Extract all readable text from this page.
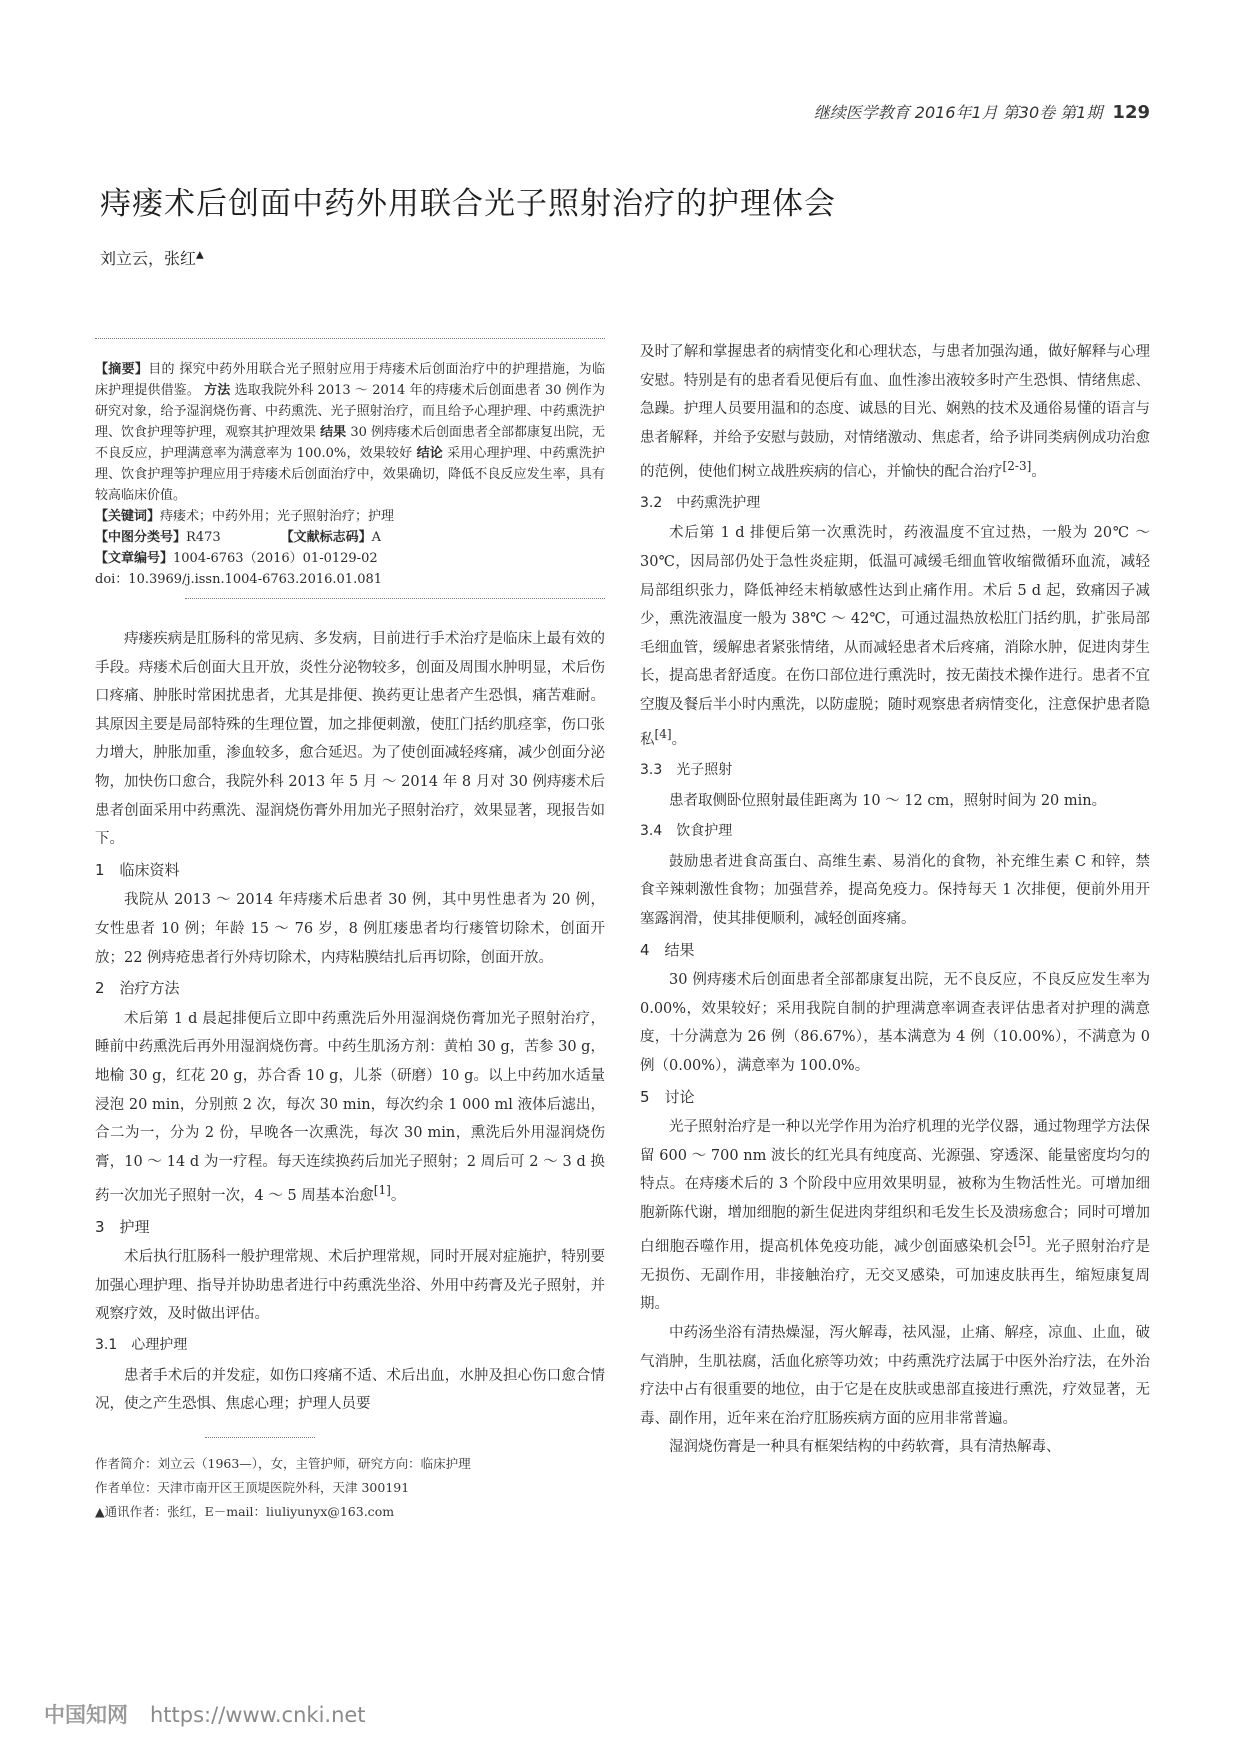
继续医学教育 2016年1月 第30卷 第1期 129
痔瘘术后创面中药外用联合光子照射治疗的护理体会
刘立云，张红▲

【摘要】目的 探究中药外用联合光子照射应用于痔瘘术后创面治疗中的护理措施，为临床护理提供借鉴。 方法 选取我院外科 2013 ～ 2014 年的痔瘘术后创面患者 30 例作为研究对象，给予湿润烧伤膏、中药熏洗、光子照射治疗，而且给予心理护理、中药熏洗护理、饮食护理等护理，观察其护理效果 结果 30 例痔瘘术后创面患者全部都康复出院，无不良反应，护理满意率为满意率为 100.0%，效果较好 结论 采用心理护理、中药熏洗护理、饮食护理等护理应用于痔瘘术后创面治疗中，效果确切，降低不良反应发生率，具有较高临床价值。

【关键词】痔瘘术；中药外用；光子照射治疗；护理
【中图分类号】R473	【文献标志码】A
【文章编号】1004-6763（2016）01-0129-02
doi：10.3969/j.issn.1004-6763.2016.01.081

痔瘘疾病是肛肠科的常见病、多发病，目前进行手术治疗是临床上最有效的手段。痔瘘术后创面大且开放，炎性分泌物较多，创面及周围水肿明显，术后伤口疼痛、肿胀时常困扰患者，尤其是排便、换药更让患者产生恐惧，痛苦难耐。其原因主要是局部特殊的生理位置，加之排便刺激，使肛门括约肌痉挛，伤口张力增大，肿胀加重，渗血较多，愈合延迟。为了使创面减轻疼痛，减少创面分泌物，加快伤口愈合，我院外科 2013 年 5 月 ～ 2014 年 8 月对 30 例痔瘘术后患者创面采用中药熏洗、湿润烧伤膏外用加光子照射治疗，效果显著，现报告如下。

1　临床资料

我院从 2013 ～ 2014 年痔瘘术后患者 30 例，其中男性患者为 20 例，女性患者 10 例；年龄 15 ～ 76 岁，8 例肛瘘患者均行瘘管切除术，创面开放；22 例痔疮患者行外痔切除术，内痔粘膜结扎后再切除，创面开放。

2　治疗方法

术后第 1 d 晨起排便后立即中药熏洗后外用湿润烧伤膏加光子照射治疗，睡前中药熏洗后再外用湿润烧伤膏。中药生肌汤方剂：黄柏 30 g，苦参 30 g，地榆 30 g，红花 20 g，苏合香 10 g，儿茶（研磨）10 g。以上中药加水适量浸泡 20 min，分别煎 2 次，每次 30 min，每次约余 1 000 ml 液体后滤出，合二为一，分为 2 份，早晚各一次熏洗，每次 30 min，熏洗后外用湿润烧伤膏，10 ～ 14 d 为一疗程。每天连续换药后加光子照射；2 周后可 2 ～ 3 d 换药一次加光子照射一次，4 ～ 5 周基本治愈[1]。

3　护理

术后执行肛肠科一般护理常规、术后护理常规，同时开展对症施护，特别要加强心理护理、指导并协助患者进行中药熏洗坐浴、外用中药膏及光子照射，并观察疗效，及时做出评估。

3.1　心理护理

患者手术后的并发症，如伤口疼痛不适、术后出血，水肿及担心伤口愈合情况，使之产生恐惧、焦虑心理；护理人员要

作者简介：刘立云（1963—），女，主管护师，研究方向：临床护理

作者单位：天津市南开区王顶堤医院外科，天津 300191

▲通讯作者：张红，E－mail：liuliyunyx@163.com

及时了解和掌握患者的病情变化和心理状态，与患者加强沟通，做好解释与心理安慰。特别是有的患者看见便后有血、血性渗出液较多时产生恐惧、情绪焦虑、急躁。护理人员要用温和的态度、诚恳的目光、娴熟的技术及通俗易懂的语言与患者解释，并给予安慰与鼓励，对情绪激动、焦虑者，给予讲同类病例成功治愈的范例，使他们树立战胜疾病的信心，并愉快的配合治疗[2-3]。

3.2　中药熏洗护理

术后第 1 d 排便后第一次熏洗时，药液温度不宜过热，一般为 20℃ ～ 30℃，因局部仍处于急性炎症期，低温可减缓毛细血管收缩微循环血流，减轻局部组织张力，降低神经末梢敏感性达到止痛作用。术后 5 d 起，致痛因子减少，熏洗液温度一般为 38℃ ～ 42℃，可通过温热放松肛门括约肌，扩张局部毛细血管，缓解患者紧张情绪，从而减轻患者术后疼痛，消除水肿，促进肉芽生长，提高患者舒适度。在伤口部位进行熏洗时，按无菌技术操作进行。患者不宜空腹及餐后半小时内熏洗，以防虚脱；随时观察患者病情变化，注意保护患者隐私[4]。

3.3　光子照射

患者取侧卧位照射最佳距离为 10 ～ 12 cm，照射时间为 20 min。

3.4　饮食护理

鼓励患者进食高蛋白、高维生素、易消化的食物，补充维生素 C 和锌，禁食辛辣刺激性食物；加强营养，提高免疫力。保持每天 1 次排便，便前外用开塞露润滑，使其排便顺利，减轻创面疼痛。

4　结果

30 例痔瘘术后创面患者全部都康复出院，无不良反应，不良反应发生率为 0.00%，效果较好；采用我院自制的护理满意率调查表评估患者对护理的满意度，十分满意为 26 例（86.67%），基本满意为 4 例（10.00%），不满意为 0 例（0.00%），满意率为 100.0%。

5　讨论

光子照射治疗是一种以光学作用为治疗机理的光学仪器，通过物理学方法保留 600 ～ 700 nm 波长的红光具有纯度高、光源强、穿透深、能量密度均匀的特点。在痔瘘术后的 3 个阶段中应用效果明显，被称为生物活性光。可增加细胞新陈代谢，增加细胞的新生促进肉芽组织和毛发生长及溃疡愈合；同时可增加白细胞吞噬作用，提高机体免疫功能，减少创面感染机会[5]。光子照射治疗是无损伤、无副作用，非接触治疗，无交叉感染，可加速皮肤再生，缩短康复周期。

中药汤坐浴有清热燥湿，泻火解毒，祛风湿，止痛、解痉，凉血、止血，破气消肿，生肌祛腐，活血化瘀等功效；中药熏洗疗法属于中医外治疗法，在外治疗法中占有很重要的地位，由于它是在皮肤或患部直接进行熏洗，疗效显著，无毒、副作用，近年来在治疗肛肠疾病方面的应用非常普遍。

湿润烧伤膏是一种具有框架结构的中药软膏，具有清热解毒、

中国知网 https://www.cnki.net
